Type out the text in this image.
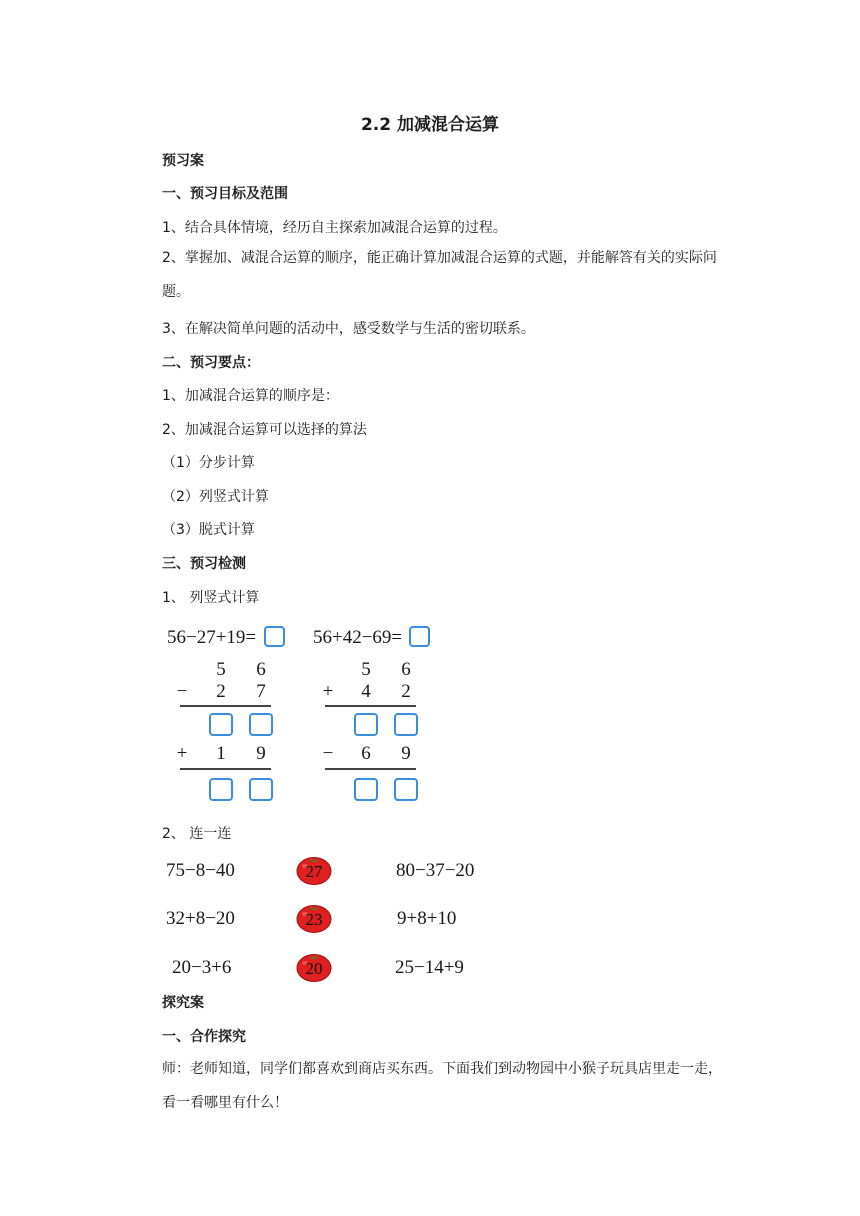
2.2 加减混合运算
预习案
一、预习目标及范围
1、结合具体情境，经历自主探索加减混合运算的过程。
2、掌握加、减混合运算的顺序，能正确计算加减混合运算的式题，并能解答有关的实际问题。
3、在解决简单问题的活动中，感受数学与生活的密切联系。
二、预习要点：
1、加减混合运算的顺序是：
2、加减混合运算可以选择的算法
（1）分步计算
（2）列竖式计算
（3）脱式计算
三、预习检测
1、 列竖式计算
56−27+19=
5 6
− 2 7
+ 1 9
56+42−69=
5 6
+ 4 2
− 6 9
2、 连一连
75−8−40
32+8−20
20−3+6
27
23
20
80−37−20
9+8+10
25−14+9
探究案
一、合作探究
师：老师知道，同学们都喜欢到商店买东西。下面我们到动物园中小猴子玩具店里走一走，看一看哪里有什么！
